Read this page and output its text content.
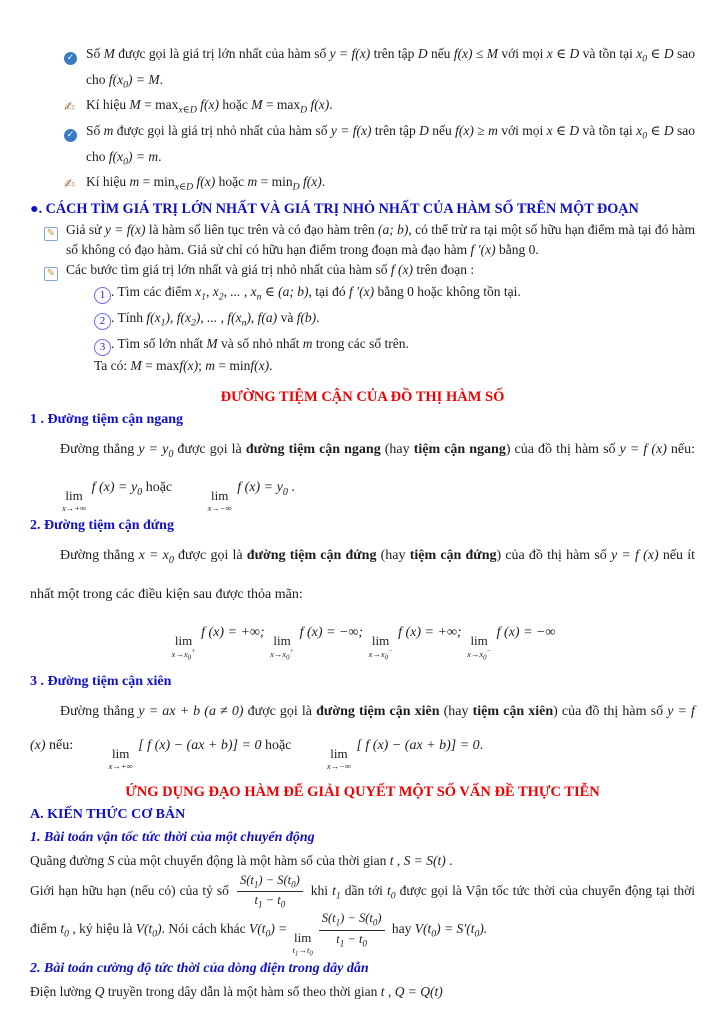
✓ Số M được gọi là giá trị lớn nhất của hàm số y = f(x) trên tập D nếu f(x) ≤ M với mọi x ∈ D và tồn tại $x_0$ ∈ D sao cho $f(x_0) = M$.
✍ Kí hiệu $M = \max_{x\in D} f(x)$ hoặc $M = \max_D f(x)$.
✓ Số m được gọi là giá trị nhỏ nhất của hàm số y = f(x) trên tập D nếu f(x) ≥ m với mọi x ∈ D và tồn tại $x_0$ ∈ D sao cho $f(x_0) = m$.
✍ Kí hiệu $m = \min_{x\in D} f(x)$ hoặc $m = \min_D f(x)$.
●. CÁCH TÌM GIÁ TRỊ LỚN NHẤT VÀ GIÁ TRỊ NHỎ NHẤT CỦA HÀM SỐ TRÊN MỘT ĐOẠN
✎ Giả sử y = f(x) là hàm số liên tục trên và có đạo hàm trên (a; b), có thể trừ ra tại một số hữu hạn điểm mà tại đó hàm số không có đạo hàm. Giả sử chỉ có hữu hạn điểm trong đoạn mà đạo hàm f ′(x) bằng 0.
✎ Các bước tìm giá trị lớn nhất và giá trị nhỏ nhất của hàm số f (x) trên đoạn :
1 . Tìm các điểm $x_1$, $x_2$, ... , $x_n$ ∈ (a; b), tại đó f ′(x) bằng 0 hoặc không tồn tại.
2 . Tính $f(x_1)$, $f(x_2)$, ... , $f(x_n)$, f(a) và f(b).
3 . Tìm số lớn nhất M và số nhỏ nhất m trong các số trên.
Ta có: M = maxf(x); m = minf(x).
ĐƯỜNG TIỆM CẬN CỦA ĐỒ THỊ HÀM SỐ
1 . Đường tiệm cận ngang
Đường thẳng $y = y_0$ được gọi là đường tiệm cận ngang (hay tiệm cận ngang) của đồ thị hàm số y = f (x) nếu:
lim
x→+∞
f $(x) = y_0$ hoặc
lim
x→−∞
f $(x) = y_0$ .
2. Đường tiệm cận đứng
Đường thẳng $x = x_0$ được gọi là đường tiệm cận đứng (hay tiệm cận đứng) của đồ thị hàm số y = f (x) nếu ít nhất một trong các điều kiện sau được thỏa mãn:
lim
$x\to x_0^+$
f (x) = +∞;
lim
$x\to x_0^+$
f (x) = −∞;
lim
$x\to x_0^-$
f (x) = +∞;
lim
$x\to x_0^-$
f (x) = −∞
3 . Đường tiệm cận xiên
Đường thẳng y = ax + b (a ≠ 0) được gọi là đường tiệm cận xiên (hay tiệm cận xiên) của đồ thị hàm số y = f (x) nếu:
lim
x→+∞
[ f (x) − (ax + b)] = 0 hoặc
lim
x→−∞
[ f (x) − (ax + b)] = 0.
ỨNG DỤNG ĐẠO HÀM ĐỂ GIẢI QUYẾT MỘT SỐ VẤN ĐỀ THỰC TIỄN
A. KIẾN THỨC CƠ BẢN
1. Bài toán vận tốc tức thời của một chuyển động
Quãng đường S của một chuyển động là một hàm số của thời gian t , S = S(t) .
Giới hạn hữu hạn (nếu có) của tỷ số $\frac{S(t_1) - S(t_0)}{t_1 - t_0}$ khi $t_1$ dần tới $t_0$ được gọi là Vận tốc tức thời của chuyển động tại thời điểm $t_0$ , ký hiệu là $V(t_0)$. Nói cách khác $V(t_0)$ =
lim
$t_1\to t_0$
$\frac{S(t_1) - S(t_0)}{t_1 - t_0}$ hay $V(t_0) = S'(t_0)$.
2. Bài toán cường độ tức thời của dòng điện trong dây dẫn
Điện lường Q truyền trong dây dẫn là một hàm số theo thời gian t , Q = Q(t)
